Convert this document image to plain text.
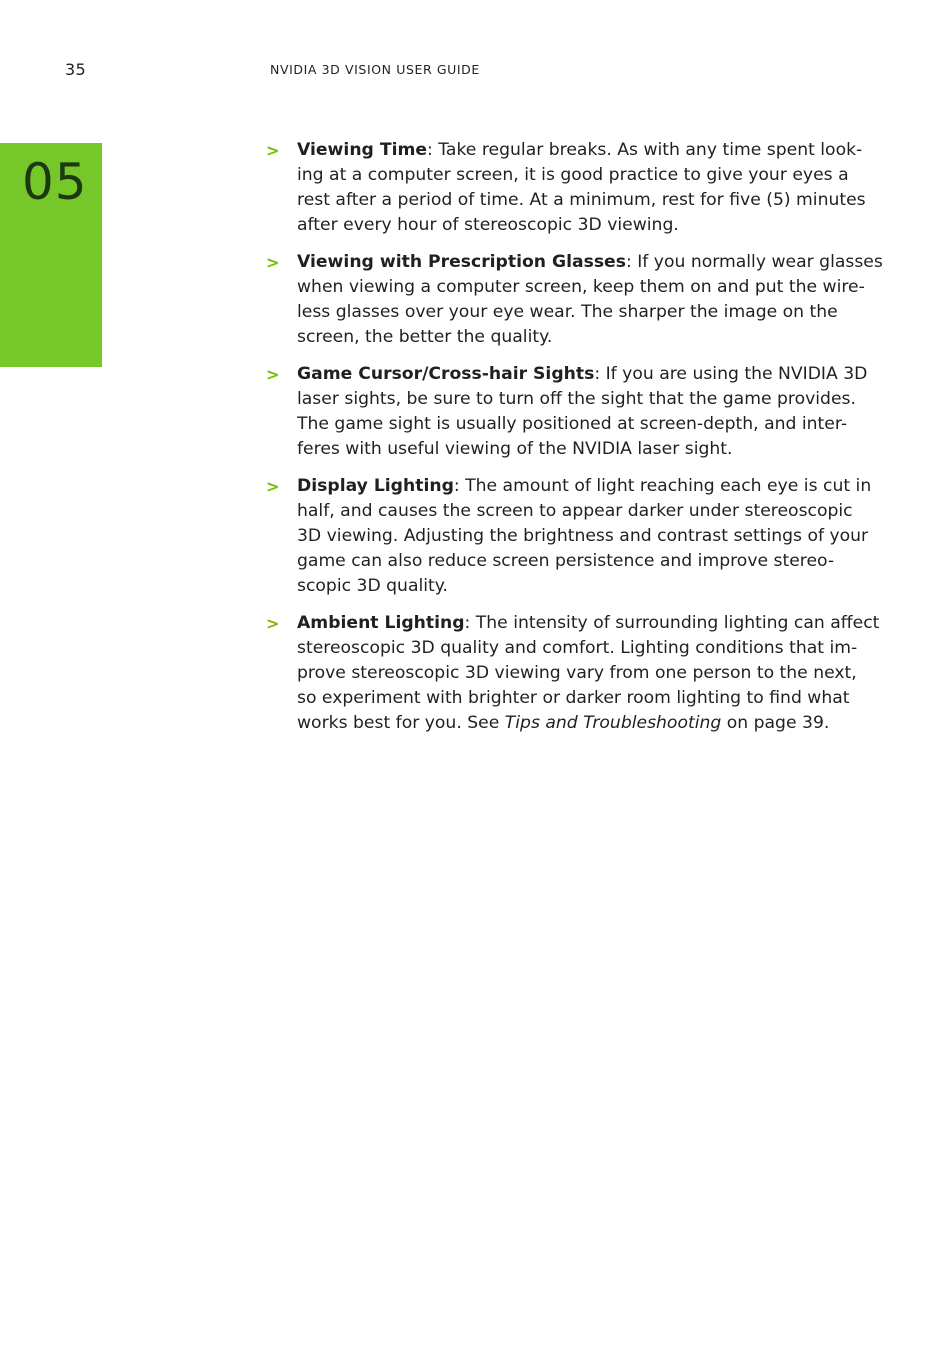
35	NVIDIA 3D VISION USER GUIDE
05
> Viewing Time: Take regular breaks. As with any time spent look-
ing at a computer screen, it is good practice to give your eyes a
rest after a period of time. At a minimum, rest for five (5) minutes
after every hour of stereoscopic 3D viewing.
> Viewing with Prescription Glasses: If you normally wear glasses
when viewing a computer screen, keep them on and put the wire-
less glasses over your eye wear. The sharper the image on the
screen, the better the quality.
> Game Cursor/Cross-hair Sights: If you are using the NVIDIA 3D
laser sights, be sure to turn off the sight that the game provides.
The game sight is usually positioned at screen-depth, and inter-
feres with useful viewing of the NVIDIA laser sight.
> Display Lighting: The amount of light reaching each eye is cut in
half, and causes the screen to appear darker under stereoscopic
3D viewing. Adjusting the brightness and contrast settings of your
game can also reduce screen persistence and improve stereo-
scopic 3D quality.
> Ambient Lighting: The intensity of surrounding lighting can affect
stereoscopic 3D quality and comfort. Lighting conditions that im-
prove stereoscopic 3D viewing vary from one person to the next,
so experiment with brighter or darker room lighting to find what
works best for you. See Tips and Troubleshooting on page 39.
